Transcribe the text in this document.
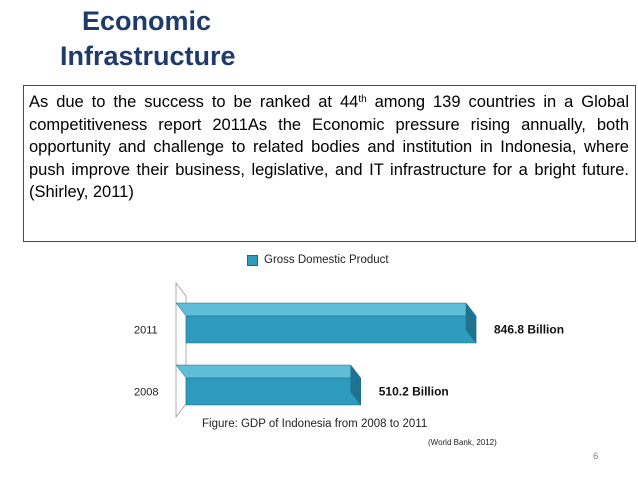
Economic
Infrastructure
As due to the success to be ranked at 44th among 139 countries in a Global competitiveness report 2011As the Economic pressure rising annually, both opportunity and challenge to related bodies and institution in Indonesia, where push improve their business, legislative, and IT infrastructure for a bright future. (Shirley, 2011)
Gross Domestic Product
2011	846.8 Billion
2008	510.2 Billion
Figure: GDP of Indonesia from 2008 to 2011
(World Bank, 2012)
6
